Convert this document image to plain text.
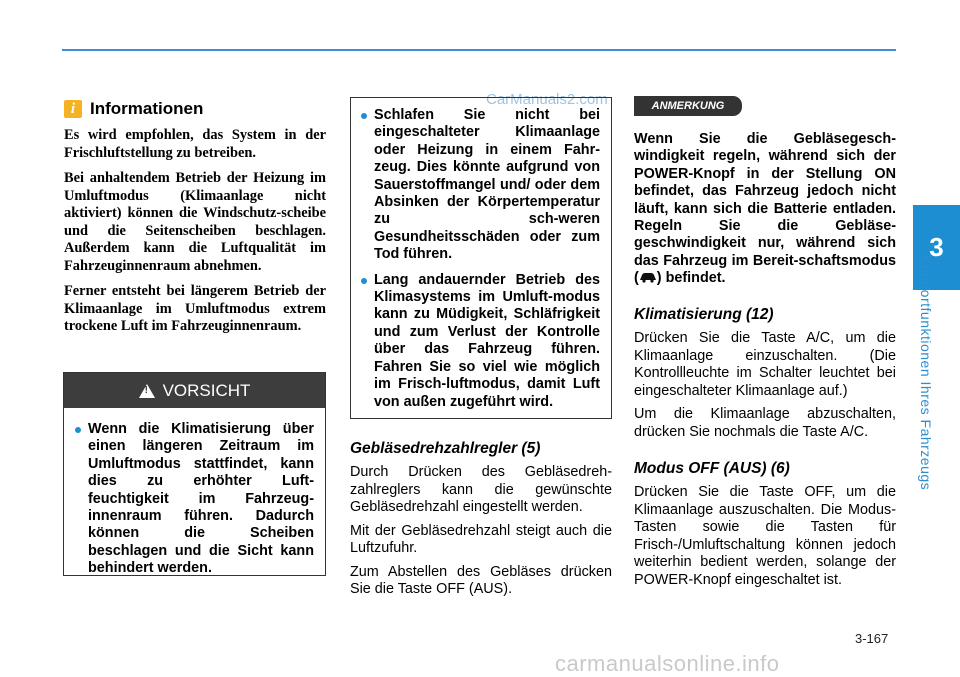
3
Komfortfunktionen Ihres Fahrzeugs
CarManuals2.com
i Informationen

Es wird empfohlen, das System in der Frischluftstellung zu betreiben.

Bei anhaltendem Betrieb der Heizung im Umluftmodus (Klimaanlage nicht aktiviert) können die Windschutz-scheibe und die Seitenscheiben beschlagen. Außerdem kann die Luftqualität im Fahrzeuginnenraum abnehmen.

Ferner entsteht bei längerem Betrieb der Klimaanlage im Umluftmodus extrem trockene Luft im Fahrzeuginnenraum.

!
VORSICHT
Wenn die Klimatisierung über einen längeren Zeitraum im Umluftmodus stattfindet, kann dies zu erhöhter Luft-feuchtigkeit im Fahrzeug-innenraum führen. Dadurch können die Scheiben beschlagen und die Sicht kann behindert werden.
Schlafen Sie nicht bei eingeschalteter Klimaanlage oder Heizung in einem Fahr-zeug. Dies könnte aufgrund von Sauerstoffmangel und/ oder dem Absinken der Körpertemperatur zu sch-weren Gesundheitsschäden oder zum Tod führen.
Lang andauernder Betrieb des Klimasystems im Umluft-modus kann zu Müdigkeit, Schläfrigkeit und zum Verlust der Kontrolle über das Fahrzeug führen. Fahren Sie so viel wie möglich im Frisch-luftmodus, damit Luft von außen zugeführt wird.
Gebläsedrehzahlregler (5)

Durch Drücken des Gebläsedreh-zahlreglers kann die gewünschte Gebläsedrehzahl eingestellt werden.

Mit der Gebläsedrehzahl steigt auch die Luftzufuhr.

Zum Abstellen des Gebläses drücken Sie die Taste OFF (AUS).

ANMERKUNG

Wenn Sie die Gebläsegesch-windigkeit regeln, während sich der POWER-Knopf in der Stellung ON befindet, das Fahrzeug jedoch nicht läuft, kann sich die Batterie entladen. Regeln Sie die Gebläse-geschwindigkeit nur, während sich das Fahrzeug im Bereit-schaftsmodus ( ) befindet.

Klimatisierung (12)

Drücken Sie die Taste A/C, um die Klimaanlage einzuschalten. (Die Kontrollleuchte im Schalter leuchtet bei eingeschalteter Klimaanlage auf.)

Um die Klimaanlage abzuschalten, drücken Sie nochmals die Taste A/C.

Modus OFF (AUS) (6)

Drücken Sie die Taste OFF, um die Klimaanlage auszuschalten. Die Modus-Tasten sowie die Tasten für Frisch-/Umluftschaltung können jedoch weiterhin bedient werden, solange der POWER-Knopf eingeschaltet ist.

3-167
carmanualsonline.info
